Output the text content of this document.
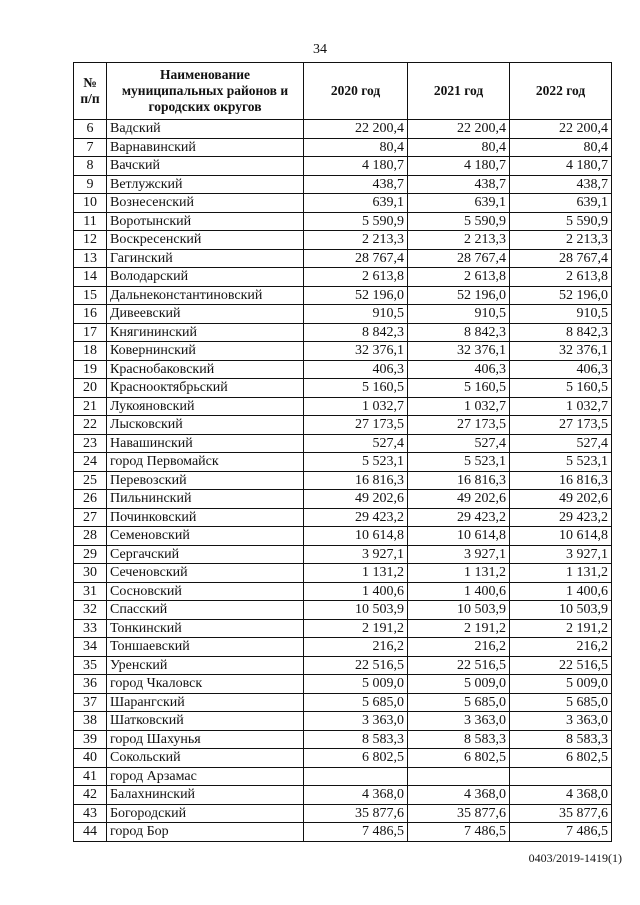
34
№
п/п	Наименование муниципальных районов и городских округов	2020 год	2021 год	2022 год
6	Вадский	22 200,4	22 200,4	22 200,4
7	Варнавинский	80,4	80,4	80,4
8	Вачский	4 180,7	4 180,7	4 180,7
9	Ветлужский	438,7	438,7	438,7
10	Вознесенский	639,1	639,1	639,1
11	Воротынский	5 590,9	5 590,9	5 590,9
12	Воскресенский	2 213,3	2 213,3	2 213,3
13	Гагинский	28 767,4	28 767,4	28 767,4
14	Володарский	2 613,8	2 613,8	2 613,8
15	Дальнеконстантиновский	52 196,0	52 196,0	52 196,0
16	Дивеевский	910,5	910,5	910,5
17	Княгининский	8 842,3	8 842,3	8 842,3
18	Ковернинский	32 376,1	32 376,1	32 376,1
19	Краснобаковский	406,3	406,3	406,3
20	Краснооктябрьский	5 160,5	5 160,5	5 160,5
21	Лукояновский	1 032,7	1 032,7	1 032,7
22	Лысковский	27 173,5	27 173,5	27 173,5
23	Навашинский	527,4	527,4	527,4
24	город Первомайск	5 523,1	5 523,1	5 523,1
25	Перевозский	16 816,3	16 816,3	16 816,3
26	Пильнинский	49 202,6	49 202,6	49 202,6
27	Починковский	29 423,2	29 423,2	29 423,2
28	Семеновский	10 614,8	10 614,8	10 614,8
29	Сергачский	3 927,1	3 927,1	3 927,1
30	Сеченовский	1 131,2	1 131,2	1 131,2
31	Сосновский	1 400,6	1 400,6	1 400,6
32	Спасский	10 503,9	10 503,9	10 503,9
33	Тонкинский	2 191,2	2 191,2	2 191,2
34	Тоншаевский	216,2	216,2	216,2
35	Уренский	22 516,5	22 516,5	22 516,5
36	город Чкаловск	5 009,0	5 009,0	5 009,0
37	Шарангский	5 685,0	5 685,0	5 685,0
38	Шатковский	3 363,0	3 363,0	3 363,0
39	город Шахунья	8 583,3	8 583,3	8 583,3
40	Сокольский	6 802,5	6 802,5	6 802,5
41	город Арзамас			
42	Балахнинский	4 368,0	4 368,0	4 368,0
43	Богородский	35 877,6	35 877,6	35 877,6
44	город Бор	7 486,5	7 486,5	7 486,5
0403/2019-1419(1)
